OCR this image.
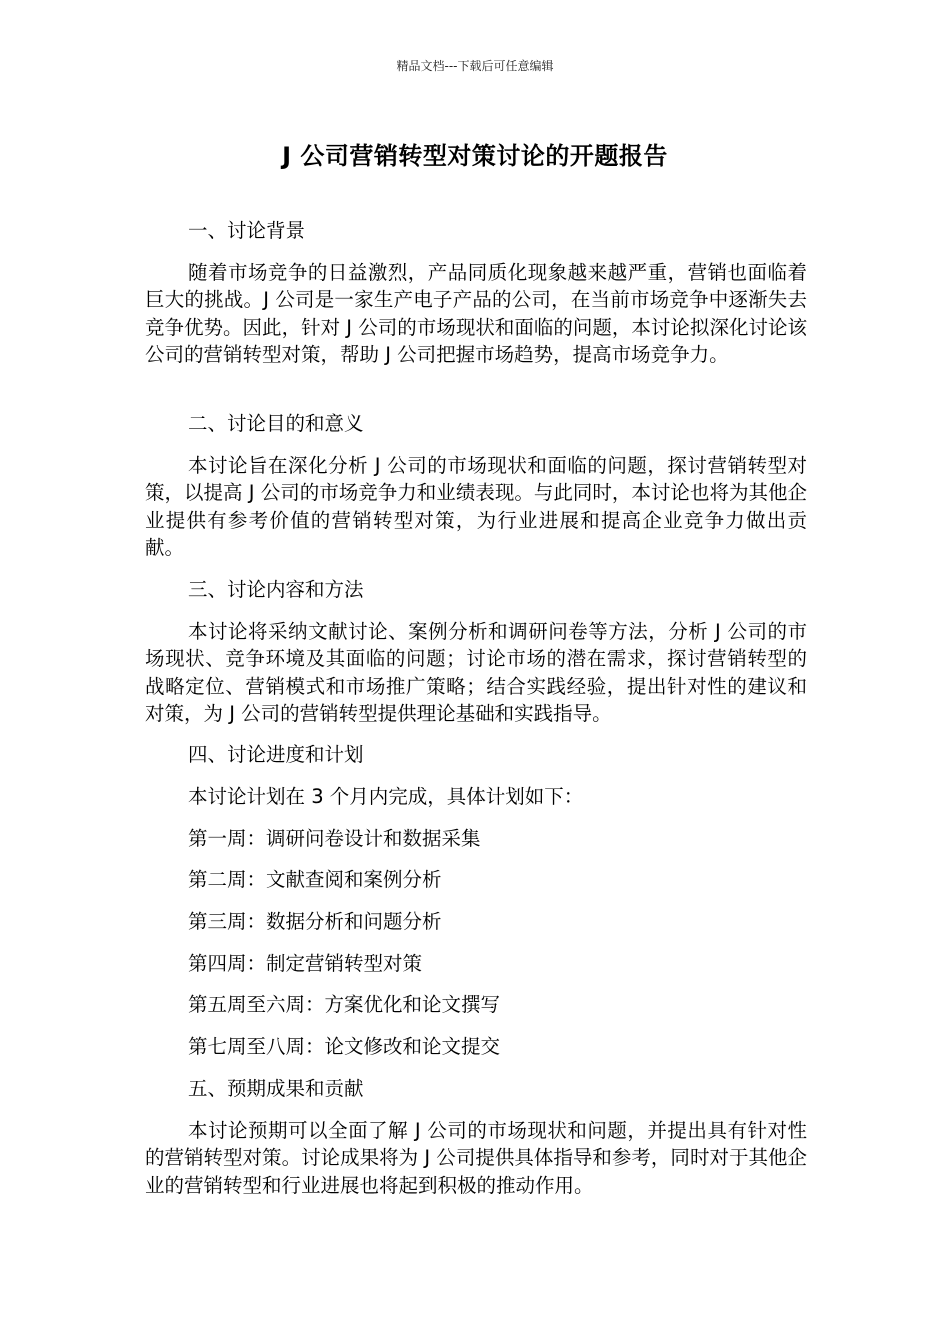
精品文档---下载后可任意编辑
J 公司营销转型对策讨论的开题报告
一、讨论背景

随着市场竞争的日益激烈，产品同质化现象越来越严重，营销也面临着巨大的挑战。J 公司是一家生产电子产品的公司，在当前市场竞争中逐渐失去竞争优势。因此，针对 J 公司的市场现状和面临的问题，本讨论拟深化讨论该公司的营销转型对策，帮助 J 公司把握市场趋势，提高市场竞争力。

二、讨论目的和意义

本讨论旨在深化分析 J 公司的市场现状和面临的问题，探讨营销转型对策，以提高 J 公司的市场竞争力和业绩表现。与此同时，本讨论也将为其他企业提供有参考价值的营销转型对策，为行业进展和提高企业竞争力做出贡献。

三、讨论内容和方法

本讨论将采纳文献讨论、案例分析和调研问卷等方法，分析 J 公司的市场现状、竞争环境及其面临的问题；讨论市场的潜在需求，探讨营销转型的战略定位、营销模式和市场推广策略；结合实践经验，提出针对性的建议和对策，为 J 公司的营销转型提供理论基础和实践指导。

四、讨论进度和计划

本讨论计划在 3 个月内完成，具体计划如下：

第一周：调研问卷设计和数据采集

第二周：文献查阅和案例分析

第三周：数据分析和问题分析

第四周：制定营销转型对策

第五周至六周：方案优化和论文撰写

第七周至八周：论文修改和论文提交

五、预期成果和贡献

本讨论预期可以全面了解 J 公司的市场现状和问题，并提出具有针对性的营销转型对策。讨论成果将为 J 公司提供具体指导和参考，同时对于其他企业的营销转型和行业进展也将起到积极的推动作用。
